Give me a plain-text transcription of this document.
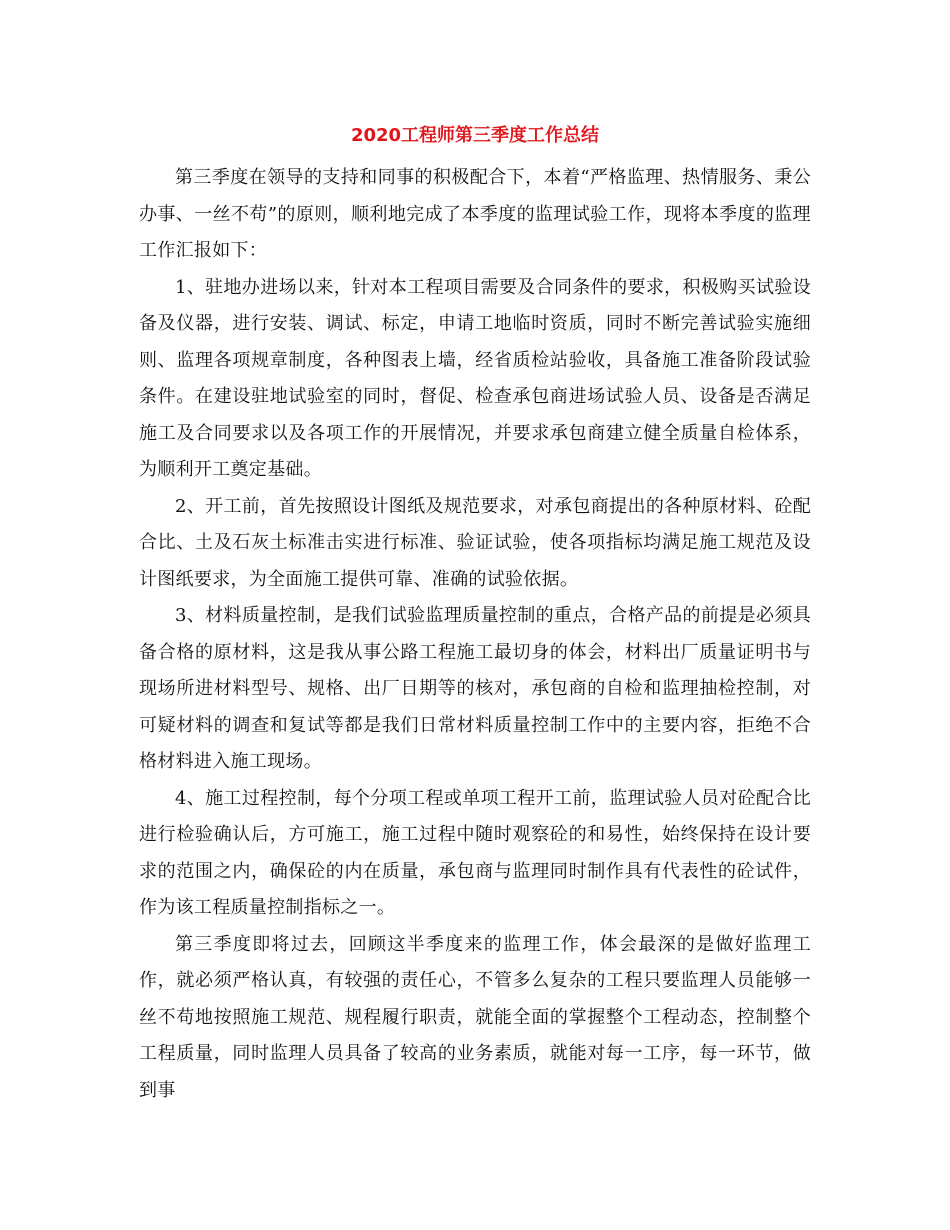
2020工程师第三季度工作总结

第三季度在领导的支持和同事的积极配合下，本着“严格监理、热情服务、秉公办事、一丝不苟”的原则，顺利地完成了本季度的监理试验工作，现将本季度的监理工作汇报如下：

1、驻地办进场以来，针对本工程项目需要及合同条件的要求，积极购买试验设备及仪器，进行安装、调试、标定，申请工地临时资质，同时不断完善试验实施细则、监理各项规章制度，各种图表上墙，经省质检站验收，具备施工准备阶段试验条件。在建设驻地试验室的同时，督促、检查承包商进场试验人员、设备是否满足施工及合同要求以及各项工作的开展情况，并要求承包商建立健全质量自检体系，为顺利开工奠定基础。

2、开工前，首先按照设计图纸及规范要求，对承包商提出的各种原材料、砼配合比、土及石灰土标准击实进行标准、验证试验，使各项指标均满足施工规范及设计图纸要求，为全面施工提供可靠、准确的试验依据。

3、材料质量控制，是我们试验监理质量控制的重点，合格产品的前提是必须具备合格的原材料，这是我从事公路工程施工最切身的体会，材料出厂质量证明书与现场所进材料型号、规格、出厂日期等的核对，承包商的自检和监理抽检控制，对可疑材料的调查和复试等都是我们日常材料质量控制工作中的主要内容，拒绝不合格材料进入施工现场。

4、施工过程控制，每个分项工程或单项工程开工前，监理试验人员对砼配合比进行检验确认后，方可施工，施工过程中随时观察砼的和易性，始终保持在设计要求的范围之内，确保砼的内在质量，承包商与监理同时制作具有代表性的砼试件，作为该工程质量控制指标之一。

第三季度即将过去，回顾这半季度来的监理工作，体会最深的是做好监理工作，就必须严格认真，有较强的责任心，不管多么复杂的工程只要监理人员能够一丝不苟地按照施工规范、规程履行职责，就能全面的掌握整个工程动态，控制整个工程质量，同时监理人员具备了较高的业务素质，就能对每一工序，每一环节，做到事
